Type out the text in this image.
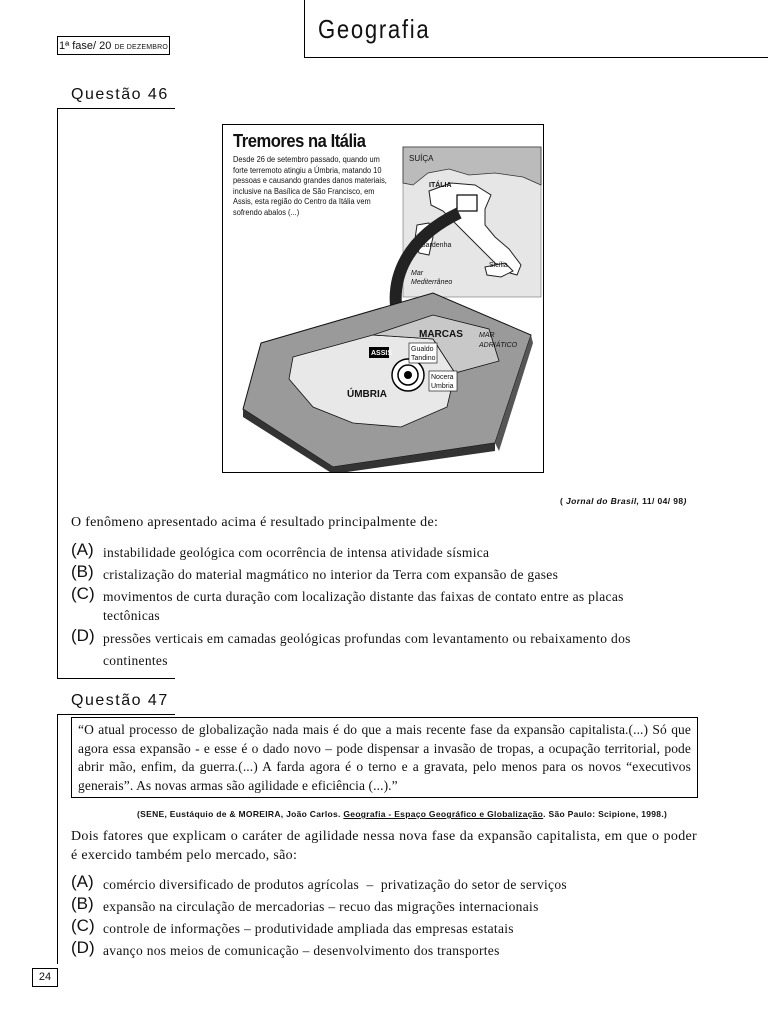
1ª fase/ 20 DE DEZEMBRO
Geografia
Questão 46
SUÍÇA
ITÁLIA
Sardenha
Sicília
Mar
Mediterrâneo
ASSIS
Gualdo
Tandino
Nocera
Umbria
MARCAS MAR
ADRIÁTICO
ÚMBRIA
Tremores na Itália
Desde 26 de setembro passado, quando um forte terremoto atingiu a Úmbria, matando 10 pessoas e causando grandes danos materiais, inclusive na Basílica de São Francisco, em Assis, esta região do Centro da Itália vem sofrendo abalos (...)
( Jornal do Brasil, 11/ 04/ 98)
O fenômeno apresentado acima é resultado principalmente de:
(A) instabilidade geológica com ocorrência de intensa atividade sísmica
(B) cristalização do material magmático no interior da Terra com expansão de gases
(C) movimentos de curta duração com localização distante das faixas de contato entre as placas
tectônicas
(D) pressões verticais em camadas geológicas profundas com levantamento ou rebaixamento dos
continentes
Questão 47
“O atual processo de globalização nada mais é do que a mais recente fase da expansão capitalista.(...) Só que agora essa expansão - e esse é o dado novo – pode dispensar a invasão de tropas, a ocupação territorial, pode abrir mão, enfim, da guerra.(...) A farda agora é o terno e a gravata, pelo menos para os novos “executivos generais”. As novas armas são agilidade e eficiência (...).”
(SENE, Eustáquio de & MOREIRA, João Carlos. Geografia - Espaço Geográfico e Globalização. São Paulo: Scipione, 1998.)
Dois fatores que explicam o caráter de agilidade nessa nova fase da expansão capitalista, em que o poder é exercido também pelo mercado, são:
(A) comércio diversificado de produtos agrícolas  –  privatização do setor de serviços
(B) expansão na circulação de mercadorias – recuo das migrações internacionais
(C) controle de informações – produtividade ampliada das empresas estatais
(D) avanço nos meios de comunicação – desenvolvimento dos transportes
24
